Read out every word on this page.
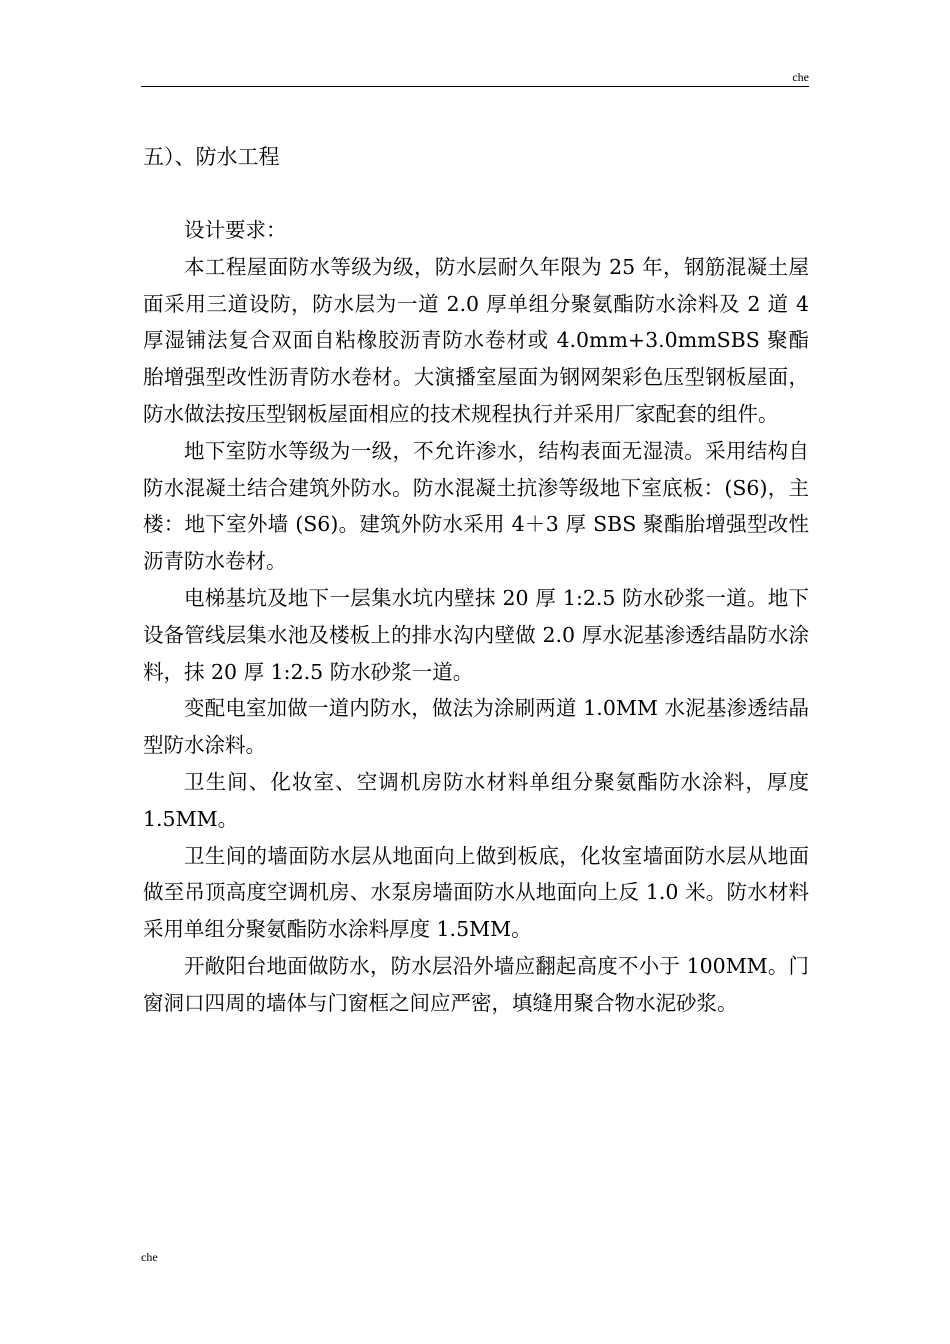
che
五）、防水工程

设计要求：

本工程屋面防水等级为级，防水层耐久年限为 25 年，钢筋混凝土屋面采用三道设防，防水层为一道 2.0 厚单组分聚氨酯防水涂料及 2 道 4 厚湿铺法复合双面自粘橡胶沥青防水卷材或 4.0mm+3.0mmSBS 聚酯胎增强型改性沥青防水卷材。大演播室屋面为钢网架彩色压型钢板屋面，防水做法按压型钢板屋面相应的技术规程执行并采用厂家配套的组件。

地下室防水等级为一级，不允许渗水，结构表面无湿渍。采用结构自防水混凝土结合建筑外防水。防水混凝土抗渗等级地下室底板：(S6)，主楼：地下室外墙 (S6)。建筑外防水采用 4＋3 厚 SBS 聚酯胎增强型改性沥青防水卷材。

电梯基坑及地下一层集水坑内壁抹 20 厚 1:2.5 防水砂浆一道。地下设备管线层集水池及楼板上的排水沟内壁做 2.0 厚水泥基渗透结晶防水涂料，抹 20 厚 1:2.5 防水砂浆一道。

变配电室加做一道内防水，做法为涂刷两道 1.0MM 水泥基渗透结晶型防水涂料。

卫生间、化妆室、空调机房防水材料单组分聚氨酯防水涂料，厚度 1.5MM。

卫生间的墙面防水层从地面向上做到板底，化妆室墙面防水层从地面做至吊顶高度空调机房、水泵房墙面防水从地面向上反 1.0 米。防水材料采用单组分聚氨酯防水涂料厚度 1.5MM。

开敞阳台地面做防水，防水层沿外墙应翻起高度不小于 100MM。门窗洞口四周的墙体与门窗框之间应严密，填缝用聚合物水泥砂浆。

che
